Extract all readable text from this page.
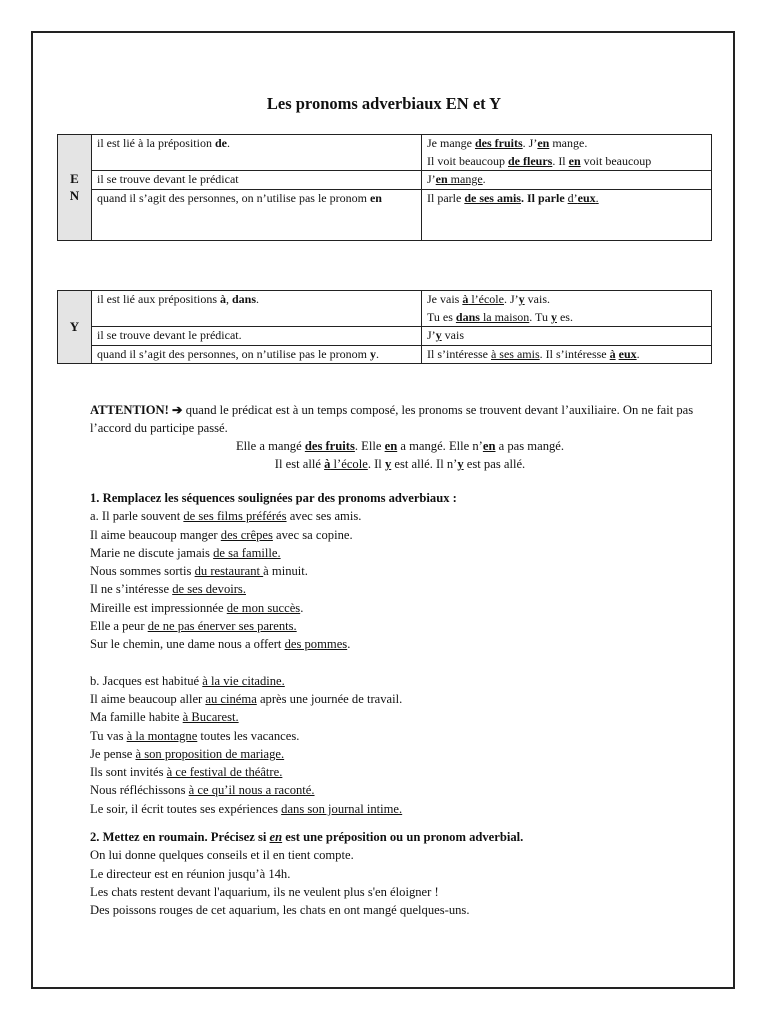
Les pronoms adverbiaux EN et Y
E
N	il est lié à la préposition de.	Je mange des fruits. J’en mange.
Il voit beaucoup de fleurs. Il en voit beaucoup
	il se trouve devant le prédicat	J’en mange.
	quand il s’agit des personnes, on n’utilise pas le pronom en	Il parle de ses amis. Il parle d’eux.
Y	il est lié aux prépositions à, dans.	Je vais à l’école. J’y vais.
Tu es dans la maison. Tu y es.
	il se trouve devant le prédicat.	J’y vais
	quand il s’agit des personnes, on n’utilise pas le pronom y.	Il s’intéresse à ses amis. Il s’intéresse à eux.
ATTENTION! ➔ quand le prédicat est à un temps composé, les pronoms se trouvent devant l’auxiliaire. On ne fait pas l’accord du participe passé.
Elle a mangé des fruits. Elle en a mangé. Elle n’en a pas mangé.
Il est allé à l’école. Il y est allé. Il n’y est pas allé.
1. Remplacez les séquences soulignées par des pronoms adverbiaux :
a. Il parle souvent de ses films préférés avec ses amis.
Il aime beaucoup manger des crêpes avec sa copine.
Marie ne discute jamais de sa famille.
Nous sommes sortis du restaurant à minuit.
Il ne s’intéresse de ses devoirs.
Mireille est impressionnée de mon succès.
Elle a peur de ne pas énerver ses parents.
Sur le chemin, une dame nous a offert des pommes.
b. Jacques est habitué à la vie citadine.
Il aime beaucoup aller au cinéma après une journée de travail.
Ma famille habite à Bucarest.
Tu vas à la montagne toutes les vacances.
Je pense à son proposition de mariage.
Ils sont invités à ce festival de théâtre.
Nous réfléchissons à ce qu’il nous a raconté.
Le soir, il écrit toutes ses expériences dans son journal intime.
2. Mettez en roumain. Précisez si en est une préposition ou un pronom adverbial.
On lui donne quelques conseils et il en tient compte.
Le directeur est en réunion jusqu’à 14h.
Les chats restent devant l'aquarium, ils ne veulent plus s'en éloigner !
Des poissons rouges de cet aquarium, les chats en ont mangé quelques-uns.
